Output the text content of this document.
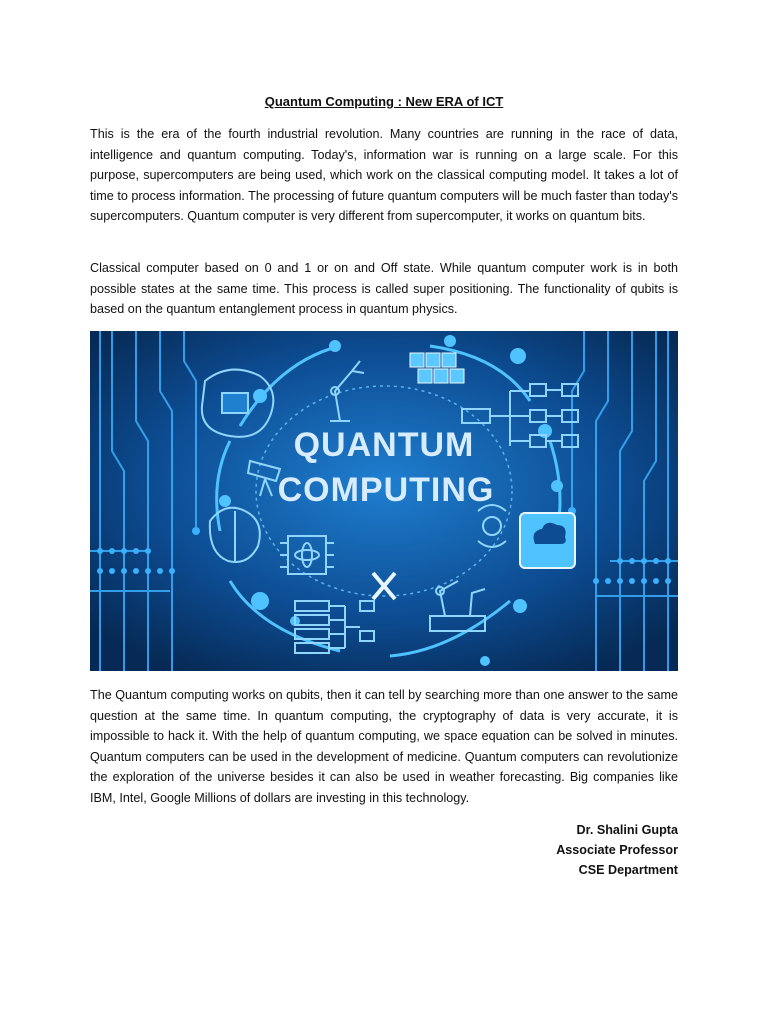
Quantum Computing : New ERA of ICT

This is the era of the fourth industrial revolution. Many countries are running in the race of data, intelligence and quantum computing. Today's, information war is running on a large scale. For this purpose, supercomputers are being used, which work on the classical computing model. It takes a lot of time to process information. The processing of future quantum computers will be much faster than today's supercomputers. Quantum computer is very different from supercomputer, it works on quantum bits.

Classical computer based on 0 and 1 or on and Off state. While quantum computer work is in both possible states at the same time. This process is called super positioning. The functionality of qubits is based on the quantum entanglement process in quantum physics.

QUANTUM
COMPUTING

The Quantum computing works on qubits, then it can tell by searching more than one answer to the same question at the same time. In quantum computing, the cryptography of data is very accurate, it is impossible to hack it. With the help of quantum computing, we space equation can be solved in minutes. Quantum computers can be used in the development of medicine. Quantum computers can revolutionize the exploration of the universe besides it can also be used in weather forecasting. Big companies like IBM, Intel, Google Millions of dollars are investing in this technology.

Dr. Shalini Gupta
Associate Professor
CSE Department
